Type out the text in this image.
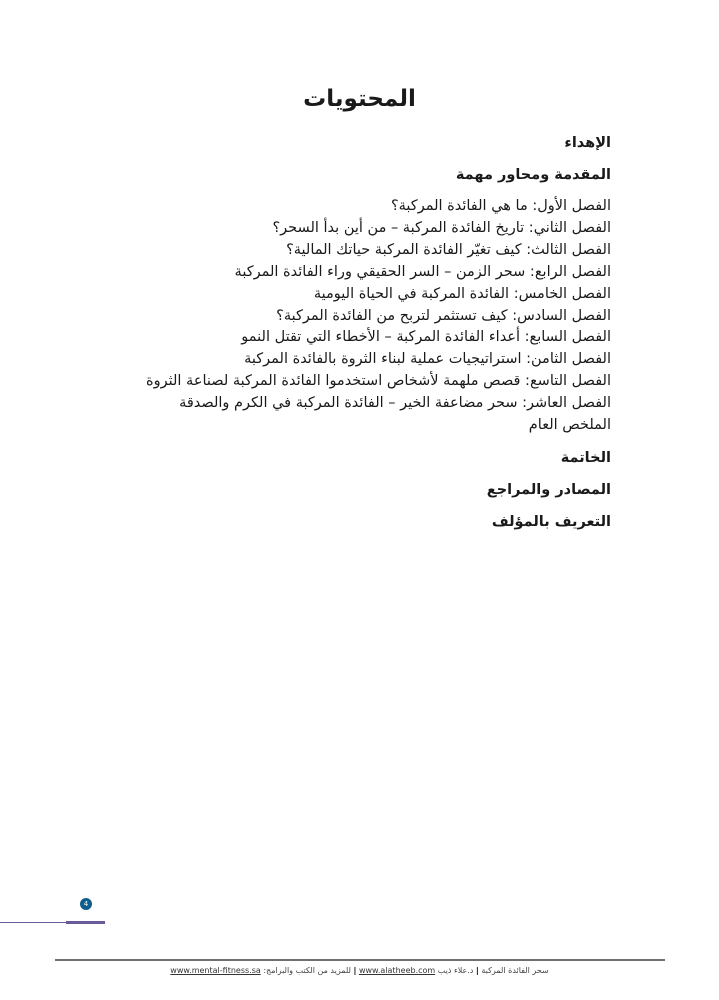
المحتويات
الإهداء
المقدمة ومحاور مهمة
الفصل الأول: ما هي الفائدة المركبة؟
الفصل الثاني: تاريخ الفائدة المركبة – من أين بدأ السحر؟
الفصل الثالث: كيف تغيّر الفائدة المركبة حياتك المالية؟
الفصل الرابع: سحر الزمن – السر الحقيقي وراء الفائدة المركبة
الفصل الخامس: الفائدة المركبة في الحياة اليومية
الفصل السادس: كيف تستثمر لتربح من الفائدة المركبة؟
الفصل السابع: أعداء الفائدة المركبة – الأخطاء التي تقتل النمو
الفصل الثامن: استراتيجيات عملية لبناء الثروة بالفائدة المركبة
الفصل التاسع: قصص ملهمة لأشخاص استخدموا الفائدة المركبة لصناعة الثروة
الفصل العاشر: سحر مضاعفة الخير – الفائدة المركبة في الكرم والصدقة
الملخص العام
الخاتمة
المصادر والمراجع
التعريف بالمؤلف
4
سحر الفائدة المركبة | د.علاء ذيب www.alatheeb.com | للمزيد من الكتب والبرامج: www.mental-fitness.sa
